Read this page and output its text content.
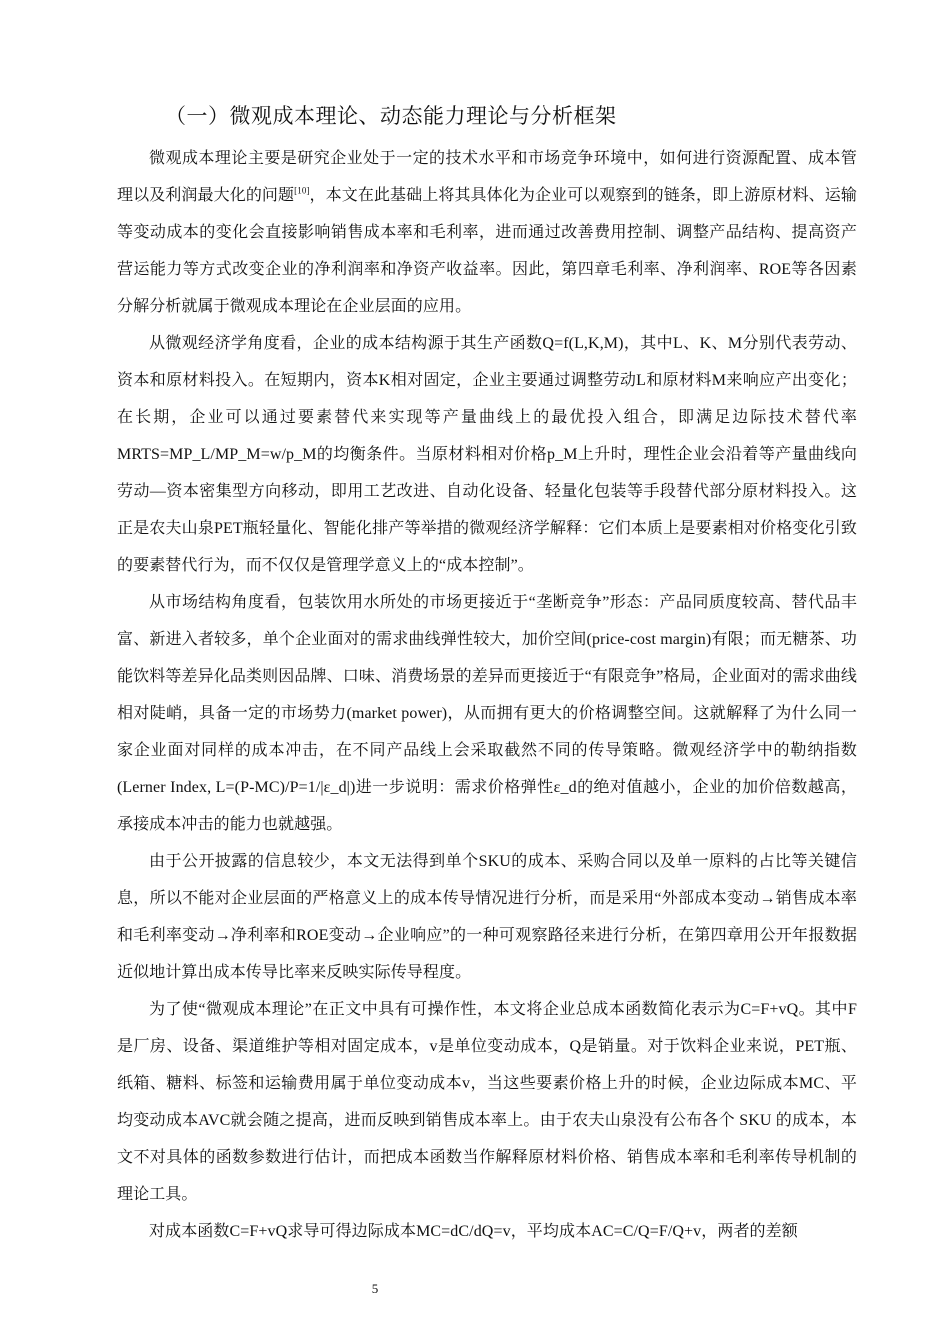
（一）微观成本理论、动态能力理论与分析框架

微观成本理论主要是研究企业处于一定的技术水平和市场竞争环境中，如何进行资源配置、成本管理以及利润最大化的问题[10]，本文在此基础上将其具体化为企业可以观察到的链条，即上游原材料、运输等变动成本的变化会直接影响销售成本率和毛利率，进而通过改善费用控制、调整产品结构、提高资产营运能力等方式改变企业的净利润率和净资产收益率。因此，第四章毛利率、净利润率、ROE等各因素分解分析就属于微观成本理论在企业层面的应用。

从微观经济学角度看，企业的成本结构源于其生产函数Q=f(L,K,M)，其中L、K、M分别代表劳动、资本和原材料投入。在短期内，资本K相对固定，企业主要通过调整劳动L和原材料M来响应产出变化；在长期，企业可以通过要素替代来实现等产量曲线上的最优投入组合，即满足边际技术替代率MRTS=MP_L/MP_M=w/p_M的均衡条件。当原材料相对价格p_M上升时，理性企业会沿着等产量曲线向劳动—资本密集型方向移动，即用工艺改进、自动化设备、轻量化包装等手段替代部分原材料投入。这正是农夫山泉PET瓶轻量化、智能化排产等举措的微观经济学解释：它们本质上是要素相对价格变化引致的要素替代行为，而不仅仅是管理学意义上的“成本控制”。

从市场结构角度看，包装饮用水所处的市场更接近于“垄断竞争”形态：产品同质度较高、替代品丰富、新进入者较多，单个企业面对的需求曲线弹性较大，加价空间(price-cost margin)有限；而无糖茶、功能饮料等差异化品类则因品牌、口味、消费场景的差异而更接近于“有限竞争”格局，企业面对的需求曲线相对陡峭，具备一定的市场势力(market power)，从而拥有更大的价格调整空间。这就解释了为什么同一家企业面对同样的成本冲击，在不同产品线上会采取截然不同的传导策略。微观经济学中的勒纳指数(Lerner Index, L=(P-MC)/P=1/|ε_d|)进一步说明：需求价格弹性ε_d的绝对值越小，企业的加价倍数越高，承接成本冲击的能力也就越强。

由于公开披露的信息较少，本文无法得到单个SKU的成本、采购合同以及单一原料的占比等关键信息，所以不能对企业层面的严格意义上的成本传导情况进行分析，而是采用“外部成本变动→销售成本率和毛利率变动→净利率和ROE变动→企业响应”的一种可观察路径来进行分析，在第四章用公开年报数据近似地计算出成本传导比率来反映实际传导程度。

为了使“微观成本理论”在正文中具有可操作性，本文将企业总成本函数简化表示为C=F+vQ。其中F是厂房、设备、渠道维护等相对固定成本，v是单位变动成本，Q是销量。对于饮料企业来说，PET瓶、纸箱、糖料、标签和运输费用属于单位变动成本v，当这些要素价格上升的时候，企业边际成本MC、平均变动成本AVC就会随之提高，进而反映到销售成本率上。由于农夫山泉没有公布各个 SKU 的成本，本文不对具体的函数参数进行估计，而把成本函数当作解释原材料价格、销售成本率和毛利率传导机制的理论工具。

对成本函数C=F+vQ求导可得边际成本MC=dC/dQ=v，平均成本AC=C/Q=F/Q+v，两者的差额

5
